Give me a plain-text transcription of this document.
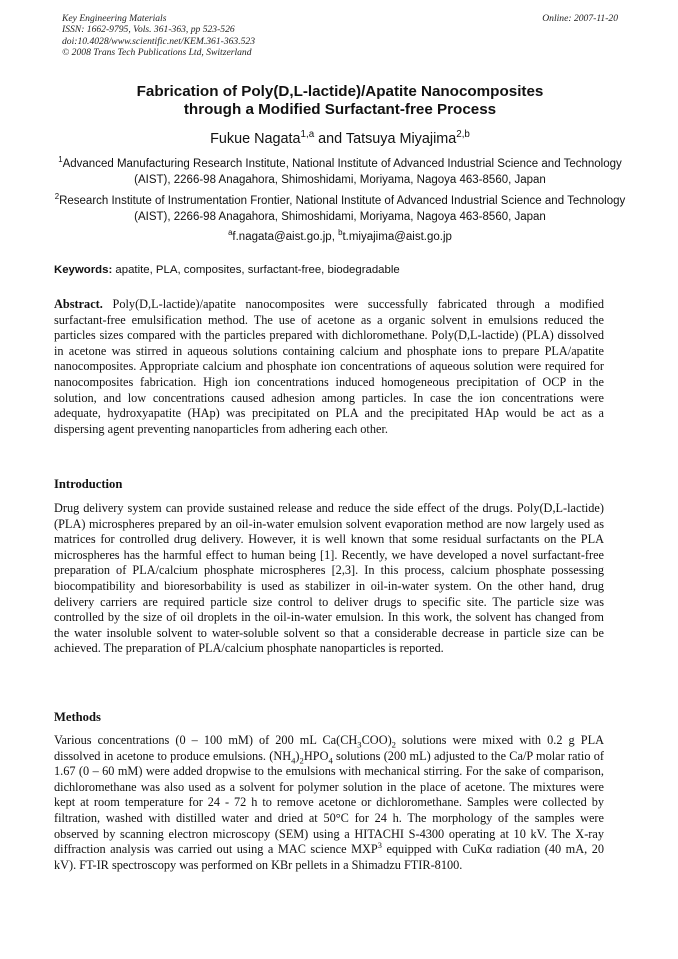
Key Engineering Materials
ISSN: 1662-9795, Vols. 361-363, pp 523-526
doi:10.4028/www.scientific.net/KEM.361-363.523
© 2008 Trans Tech Publications Ltd, Switzerland
Online: 2007-11-20
Fabrication of Poly(D,L-lactide)/Apatite Nanocomposites
through a Modified Surfactant-free Process
Fukue Nagata$^{1,a}$ and Tatsuya Miyajima$^{2,b}$
$^1$Advanced Manufacturing Research Institute, National Institute of Advanced Industrial Science and Technology (AIST), 2266-98 Anagahora, Shimoshidami, Moriyama, Nagoya 463-8560, Japan
$^2$Research Institute of Instrumentation Frontier, National Institute of Advanced Industrial Science and Technology (AIST), 2266-98 Anagahora, Shimoshidami, Moriyama, Nagoya 463-8560, Japan
$^a$f.nagata@aist.go.jp, $^b$t.miyajima@aist.go.jp
Keywords: apatite, PLA, composites, surfactant-free, biodegradable
Abstract. Poly(D,L-lactide)/apatite nanocomposites were successfully fabricated through a modified surfactant-free emulsification method. The use of acetone as a organic solvent in emulsions reduced the particles sizes compared with the particles prepared with dichloromethane. Poly(D,L-lactide) (PLA) dissolved in acetone was stirred in aqueous solutions containing calcium and phosphate ions to prepare PLA/apatite nanocomposites. Appropriate calcium and phosphate ion concentrations of aqueous solution were required for nanocomposites fabrication. High ion concentrations induced homogeneous precipitation of OCP in the solution, and low concentrations caused adhesion among particles. In case the ion concentrations were adequate, hydroxyapatite (HAp) was precipitated on PLA and the precipitated HAp would be act as a dispersing agent preventing nanoparticles from adhering each other.
Introduction
Drug delivery system can provide sustained release and reduce the side effect of the drugs. Poly(D,L-lactide) (PLA) microspheres prepared by an oil-in-water emulsion solvent evaporation method are now largely used as matrices for controlled drug delivery. However, it is well known that some residual surfactants on the PLA microspheres has the harmful effect to human being [1]. Recently, we have developed a novel surfactant-free preparation of PLA/calcium phosphate microspheres [2,3]. In this process, calcium phosphate possessing biocompatibility and bioresorbability is used as stabilizer in oil-in-water system. On the other hand, drug delivery carriers are required particle size control to deliver drugs to specific site. The particle size was controlled by the size of oil droplets in the oil-in-water emulsion. In this work, the solvent has changed from the water insoluble solvent to water-soluble solvent so that a considerable decrease in particle size can be achieved. The preparation of PLA/calcium phosphate nanoparticles is reported.
Methods
Various concentrations (0 – 100 mM) of 200 mL $Ca(CH_3COO)_2$ solutions were mixed with 0.2 g PLA dissolved in acetone to produce emulsions. $(NH_4)_2HPO_4$ solutions (200 mL) adjusted to the Ca/P molar ratio of 1.67 (0 – 60 mM) were added dropwise to the emulsions with mechanical stirring. For the sake of comparison, dichloromethane was also used as a solvent for polymer solution in the place of acetone. The mixtures were kept at room temperature for 24 - 72 h to remove acetone or dichloromethane. Samples were collected by filtration, washed with distilled water and dried at 50°C for 24 h. The morphology of the samples were observed by scanning electron microscopy (SEM) using a HITACHI S-4300 operating at 10 kV. The X-ray diffraction analysis was carried out using a MAC science MXP$^3$ equipped with CuKα radiation (40 mA, 20 kV). FT-IR spectroscopy was performed on KBr pellets in a Shimadzu FTIR-8100.
